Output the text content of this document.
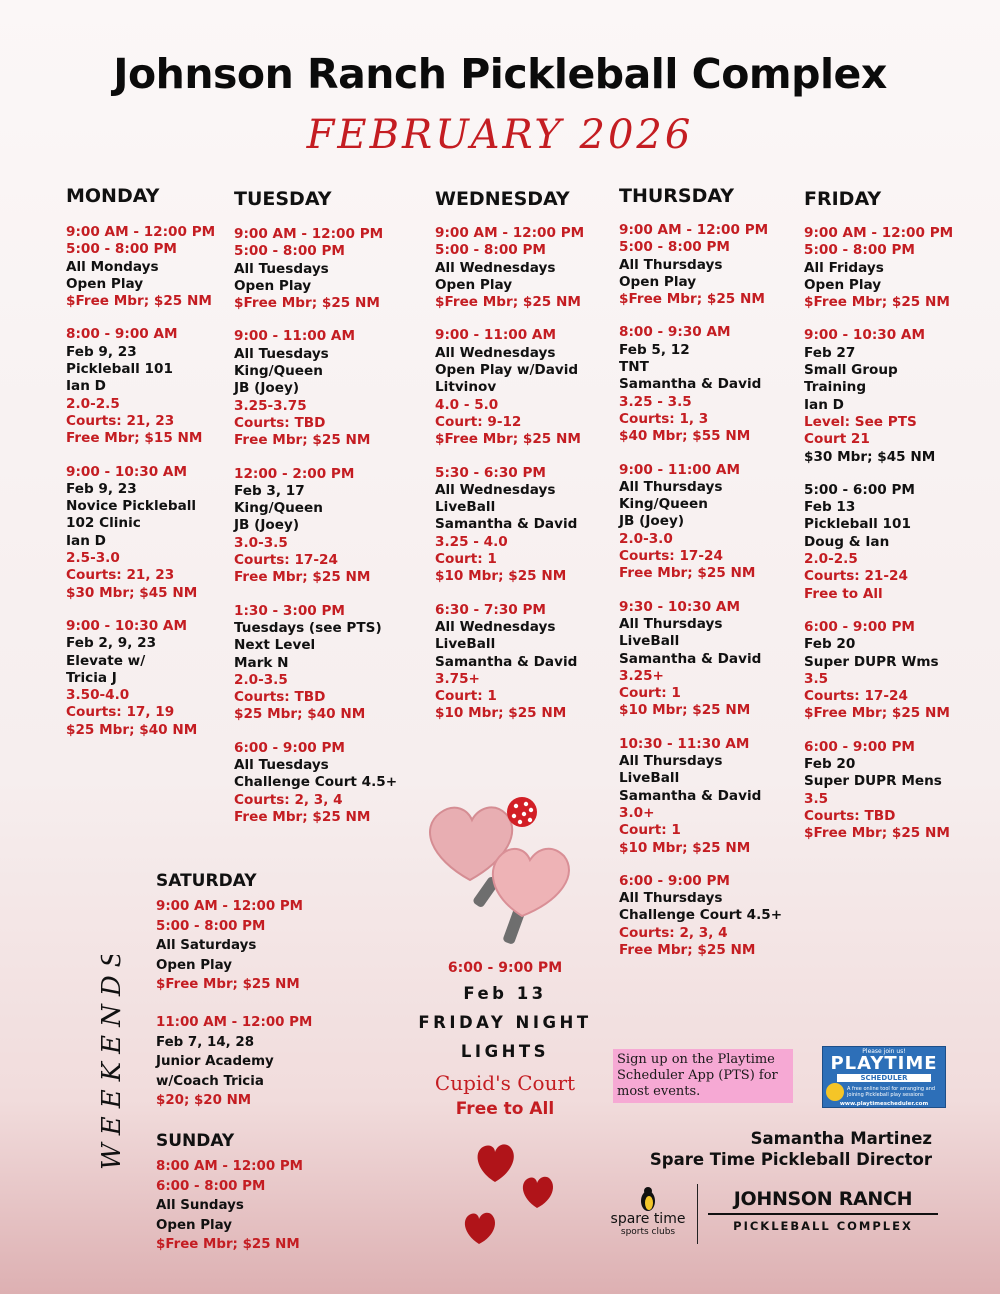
Johnson Ranch Pickleball Complex
FEBRUARY 2026
MONDAY
9:00 AM - 12:00 PM
5:00 - 8:00 PM
All Mondays
Open Play
$Free Mbr; $25 NM
8:00 - 9:00 AM
Feb 9, 23
Pickleball 101
Ian D
2.0-2.5
Courts: 21, 23
Free Mbr; $15 NM
9:00 - 10:30 AM
Feb 9, 23
Novice Pickleball
102 Clinic
Ian D
2.5-3.0
Courts: 21, 23
$30 Mbr; $45 NM
9:00 - 10:30 AM
Feb 2, 9, 23
Elevate w/
Tricia J
3.50-4.0
Courts: 17, 19
$25 Mbr; $40 NM
TUESDAY
9:00 AM - 12:00 PM
5:00 - 8:00 PM
All Tuesdays
Open Play
$Free Mbr; $25 NM
9:00 - 11:00 AM
All Tuesdays
King/Queen
JB (Joey)
3.25-3.75
Courts: TBD
Free Mbr; $25 NM
12:00 - 2:00 PM
Feb 3, 17
King/Queen
JB (Joey)
3.0-3.5
Courts: 17-24
Free Mbr; $25 NM
1:30 - 3:00 PM
Tuesdays (see PTS)
Next Level
Mark N
2.0-3.5
Courts: TBD
$25 Mbr; $40 NM
6:00 - 9:00 PM
All Tuesdays
Challenge Court 4.5+
Courts: 2, 3, 4
Free Mbr; $25 NM
WEDNESDAY
9:00 AM - 12:00 PM
5:00 - 8:00 PM
All Wednesdays
Open Play
$Free Mbr; $25 NM
9:00 - 11:00 AM
All Wednesdays
Open Play w/David
Litvinov
4.0 - 5.0
Court: 9-12
$Free Mbr; $25 NM
5:30 - 6:30 PM
All Wednesdays
LiveBall
Samantha & David
3.25 - 4.0
Court: 1
$10 Mbr; $25 NM
6:30 - 7:30 PM
All Wednesdays
LiveBall
Samantha & David
3.75+
Court: 1
$10 Mbr; $25 NM
THURSDAY
9:00 AM - 12:00 PM
5:00 - 8:00 PM
All Thursdays
Open Play
$Free Mbr; $25 NM
8:00 - 9:30 AM
Feb 5, 12
TNT
Samantha & David
3.25 - 3.5
Courts: 1, 3
$40 Mbr; $55 NM
9:00 - 11:00 AM
All Thursdays
King/Queen
JB (Joey)
2.0-3.0
Courts: 17-24
Free Mbr; $25 NM
9:30 - 10:30 AM
All Thursdays
LiveBall
Samantha & David
3.25+
Court: 1
$10 Mbr; $25 NM
10:30 - 11:30 AM
All Thursdays
LiveBall
Samantha & David
3.0+
Court: 1
$10 Mbr; $25 NM
6:00 - 9:00 PM
All Thursdays
Challenge Court 4.5+
Courts: 2, 3, 4
Free Mbr; $25 NM
FRIDAY
9:00 AM - 12:00 PM
5:00 - 8:00 PM
All Fridays
Open Play
$Free Mbr; $25 NM
9:00 - 10:30 AM
Feb 27
Small Group
Training
Ian D
Level: See PTS
Court 21
$30 Mbr; $45 NM
5:00 - 6:00 PM
Feb 13
Pickleball 101
Doug & Ian
2.0-2.5
Courts: 21-24
Free to All
6:00 - 9:00 PM
Feb 20
Super DUPR Wms
3.5
Courts: 17-24
$Free Mbr; $25 NM
6:00 - 9:00 PM
Feb 20
Super DUPR Mens
3.5
Courts: TBD
$Free Mbr; $25 NM
WEEKENDS
SATURDAY
9:00 AM - 12:00 PM
5:00 - 8:00 PM
All Saturdays
Open Play
$Free Mbr; $25 NM
11:00 AM - 12:00 PM
Feb 7, 14, 28
Junior Academy
w/Coach Tricia
$20; $20 NM
SUNDAY
8:00 AM - 12:00 PM
6:00 - 8:00 PM
All Sundays
Open Play
$Free Mbr; $25 NM
6:00 - 9:00 PM
Feb 13
FRIDAY NIGHT
LIGHTS
Cupid's Court
Free to All
Sign up on the Playtime Scheduler App (PTS) for most events.
Please join us!
PLAYTIME
SCHEDULER
A free online tool for arranging and joining Pickleball play sessions
www.playtimescheduler.com
Samantha Martinez
Spare Time Pickleball Director
spare time
sports clubs
JOHNSON RANCH
PICKLEBALL COMPLEX
